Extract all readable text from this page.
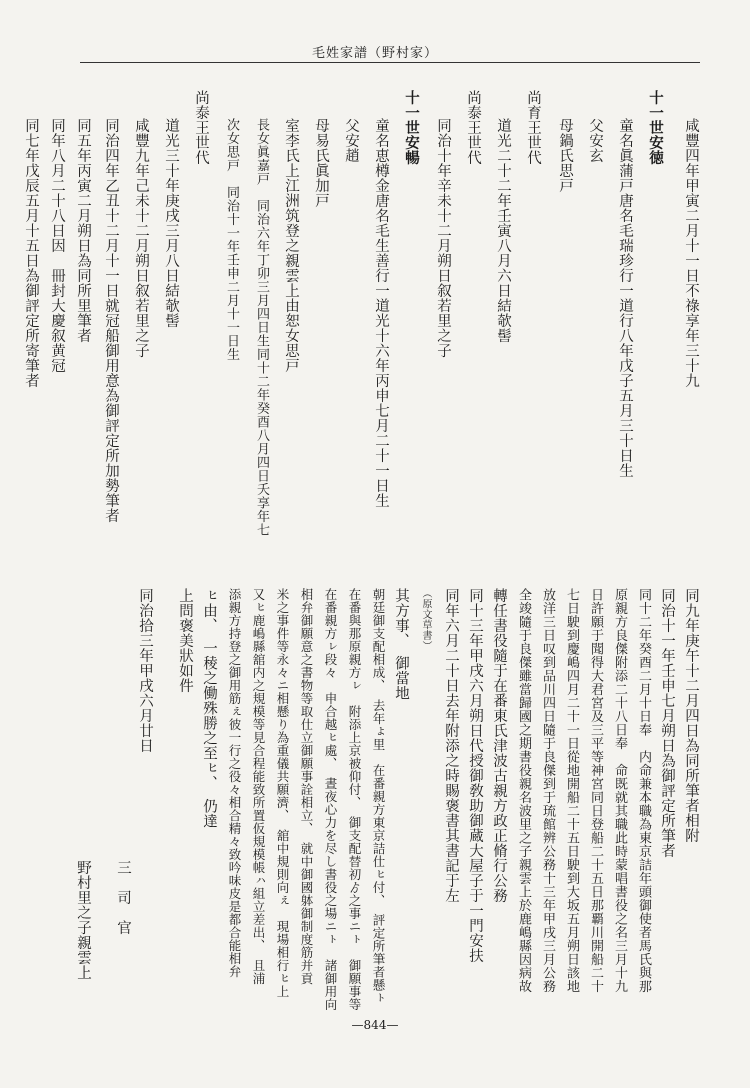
毛姓家譜（野村家）
咸豐四年甲寅二月十一日不祿享年三十九
十一世安徳
童名眞蒲戸唐名毛瑞珍行一道行八年戊子五月三十日生
父安玄
母鍋氏思戸
尚育王世代
道光二十二年壬寅八月六日結欹髻
尚泰王世代
同治十年辛未十二月朔日叙若里之子
十一世安暢
童名恵樽金唐名毛生善行一道光十六年丙申七月二十一日生
父安趙
母易氏眞加戸
室李氏上江洲筑登之親雲上由恕女思戸
長女眞嘉戸　同治六年丁卯三月四日生同十二年癸酉八月四日夭享年七
次女思戸　同治十一年壬申二月十一日生
尚泰王世代
道光三十年庚戌三月八日結欹髻
咸豐九年己未十二月朔日叙若里之子
同治四年乙丑十二月十一日就冠船御用意為御評定所加勢筆者
同五年丙寅二月朔日為同所里筆者
同年八月二十八日因　冊封大慶叙黄冠
同七年戊辰五月十五日為御評定所寄筆者
同九年庚午十二月四日為同所筆者相附
同治十一年壬申七月朔日為御評定所筆者
同十二年癸酉二月十日奉　内命兼本職為東京詰年頭御使者馬氏與那
原親方良傑附添二十八日奉　命既就其職此時蒙唱書役之名三月十九
日許願于聞得大君宮及三平等神宮同日登船二十五日那覇川開船二十
七日駛到慶嶋四月二十一日從地開船二十五日駛到大坂五月朔日該地
放洋三日叹到品川四日隨于良傑到于琉館辨公務十三年甲戌三月公務
全竣隨于良傑雖當歸國之期書役親名波里之子親雲上於鹿嶋縣因病故
轉任書役隨于在番東氏津波古親方政正脩行公務
同十三年甲戌六月朔日代授御敎助御蔵大屋子于一門安扶
同年六月二十日去年附添之時賜褒書其書記于左
（原文草書）
其方事、　御當地
朝廷御支配相成、　去年ょ里　在番親方東京詰仕ㇶ付、　評定所筆者懸ㇳ
在番與那原親方ㇾ　附添上京被仰付、　御支配替初ゟ之事ニㇳ　御願事等
在番親方ㇾ段々　申合越ㇶ處、　晝夜心力を尽し書役之場ニㇳ　諸御用向
相弁御願意之書物等取仕立御願事詮相立、　就中御國躰御制度筋并貢
米之事件等永々ニ相懸り為重儀共願濟、　舘中規則向ぇ　現場相行ㇶ上
又ㇶ鹿嶋縣舘内之規模等見合程能致所置仮規模帳ㇵ組立差出、　且浦
添親方持登之御用筋ぇ彼一行之役々相合精々致吟味皮是都合能相弁
ㇶ由、　一稜之働殊勝之至ㇶ、　仍達
上問褒美狀如件
同治拾三年甲戌六月廿日
三　司　官
野村里之子親雲上
—844—
